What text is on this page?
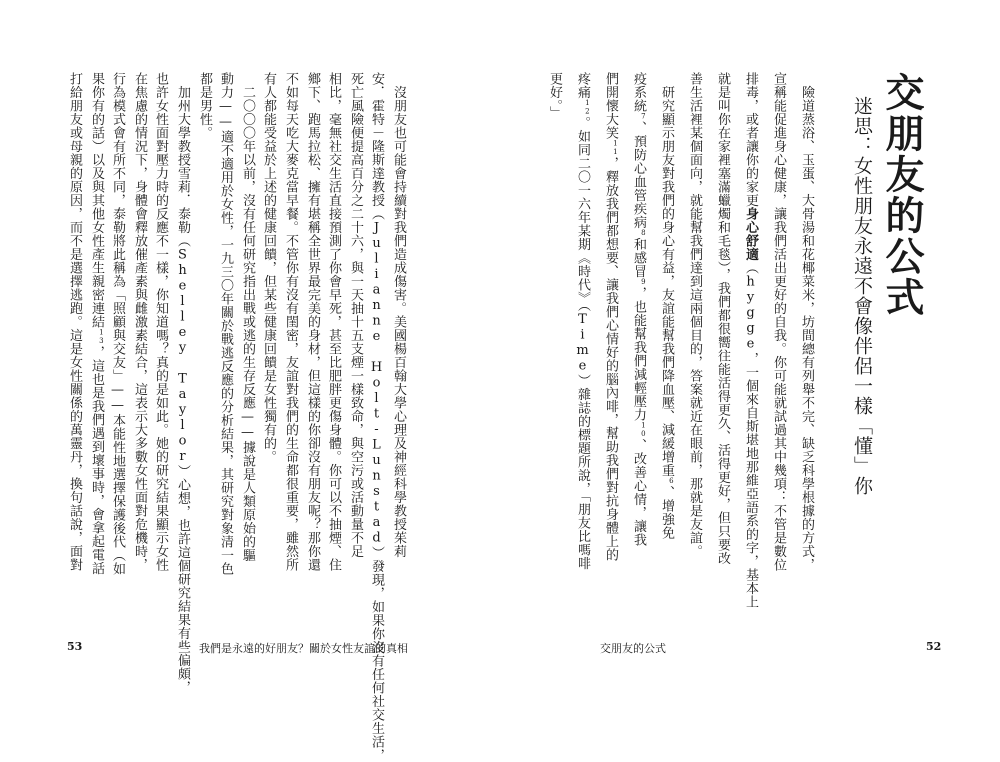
交朋友的公式
迷思：女性朋友永遠不會像伴侶一樣「懂」你
　險道蒸浴、玉蛋、大骨湯和花椰菜米，坊間總有列舉不完、缺乏科學根據的方式，
宣稱能促進身心健康，讓我們活出更好的自我。你可能就試過其中幾項：不管是數位
排毒，或者讓你的家更身心舒適（hygge，一個來自斯堪地那維亞語系的字，基本上
就是叫你在家裡塞滿蠟燭和毛毯），我們都很嚮往能活得更久、活得更好，但只要改
善生活裡某個面向，就能幫我們達到這兩個目的，答案就近在眼前，那就是友誼。
　研究顯示朋友對我們的身心有益，友誼能幫我們降血壓、減緩增重$^6$、增強免
疫系統$^7$、預防心血管疾病$^8$和感冒$^9$，也能幫我們減輕壓力$^{10}$、改善心情，讓我
們開懷大笑$^{11}$，釋放我們都想要、讓我們心情好的腦內啡，幫助我們對抗身體上的
疼痛$^{12}$。如同二〇一六年某期《時代》（Time）雜誌的標題所說，「朋友比嗎啡
更好。」
交朋友的公式	52
　沒朋友也可能會持續對我們造成傷害。美國楊百翰大學心理及神經科學教授茱莉
安．霍特－隆斯達教授（Julianne Holt-Lunstad）發現，如果你沒有任何社交生活，
死亡風險便提高百分之二十六，與一天抽十五支煙一樣致命，與空污或活動量不足
相比，毫無社交生活直接預測了你會早死，甚至比肥胖更傷身體。你可以不抽煙、住
鄉下、跑馬拉松、擁有堪稱全世界最完美的身材，但這樣的你卻沒有朋友呢？那你還
不如每天吃大麥克當早餐。不管你有沒有閨密，友誼對我們的生命都很重要，雖然所
有人都能受益於上述的健康回饋，但某些健康回饋是女性獨有的。
　二〇〇〇年以前，沒有任何研究指出戰或逃的生存反應——據說是人類原始的驅
動力——適不適用於女性，一九三〇年關於戰逃反應的分析結果，其研究對象清一色
都是男性。
　加州大學教授雪莉．泰勒（Shelley Taylor）心想，也許這個研究結果有些偏頗，
也許女性面對壓力時的反應不一樣，你知道嗎？真的是如此。她的研究結果顯示女性
在焦慮的情況下，身體會釋放催產素與雌激素結合，這表示大多數女性面對危機時，
行為模式會有所不同，泰勒將此稱為「照顧與交友」——本能性地選擇保護後代（如
果你有的話）以及與其他女性產生親密連結$^{13}$，這也是我們遇到壞事時，會拿起電話
打給朋友或母親的原因，而不是選擇逃跑。這是女性關係的萬靈丹，換句話說，面對
53	我們是永遠的好朋友？關於女性友誼的真相
